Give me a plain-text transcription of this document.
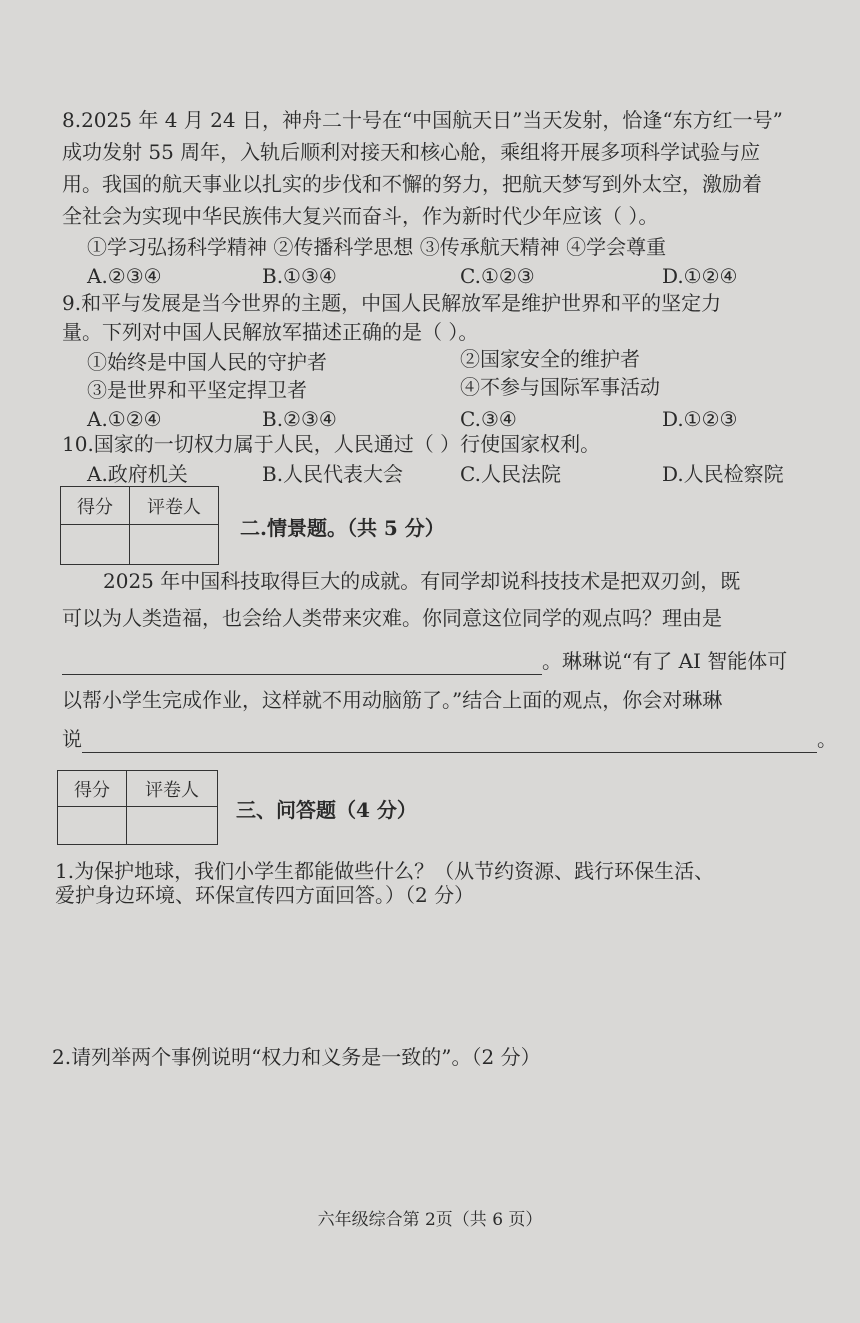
8.2025 年 4 月 24 日，神舟二十号在“中国航天日”当天发射，恰逢“东方红一号”
成功发射 55 周年，入轨后顺利对接天和核心舱，乘组将开展多项科学试验与应
用。我国的航天事业以扎实的步伐和不懈的努力，把航天梦写到外太空，激励着
全社会为实现中华民族伟大复兴而奋斗，作为新时代少年应该（ ）。
①学习弘扬科学精神 ②传播科学思想 ③传承航天精神 ④学会尊重
A.②③④	B.①③④	C.①②③	D.①②④
9.和平与发展是当今世界的主题，中国人民解放军是维护世界和平的坚定力
量。下列对中国人民解放军描述正确的是（ ）。
①始终是中国人民的守护者	②国家安全的维护者
③是世界和平坚定捍卫者	④不参与国际军事活动
A.①②④	B.②③④	C.③④	D.①②③
10.国家的一切权力属于人民，人民通过（ ）行使国家权利。
A.政府机关	B.人民代表大会	C.人民法院	D.人民检察院
得分	评卷人

二.情景题。（共 5 分）
2025 年中国科技取得巨大的成就。有同学却说科技技术是把双刃剑，既
可以为人类造福，也会给人类带来灾难。你同意这位同学的观点吗？理由是
。琳琳说“有了 AI 智能体可
以帮小学生完成作业，这样就不用动脑筋了。”结合上面的观点，你会对琳琳
说	。
得分	评卷人

三、问答题（4 分）
1.为保护地球，我们小学生都能做些什么？（从节约资源、践行环保生活、
爱护身边环境、环保宣传四方面回答。）（2 分）
2.请列举两个事例说明“权力和义务是一致的”。（2 分）
六年级综合第 2页（共 6 页）
